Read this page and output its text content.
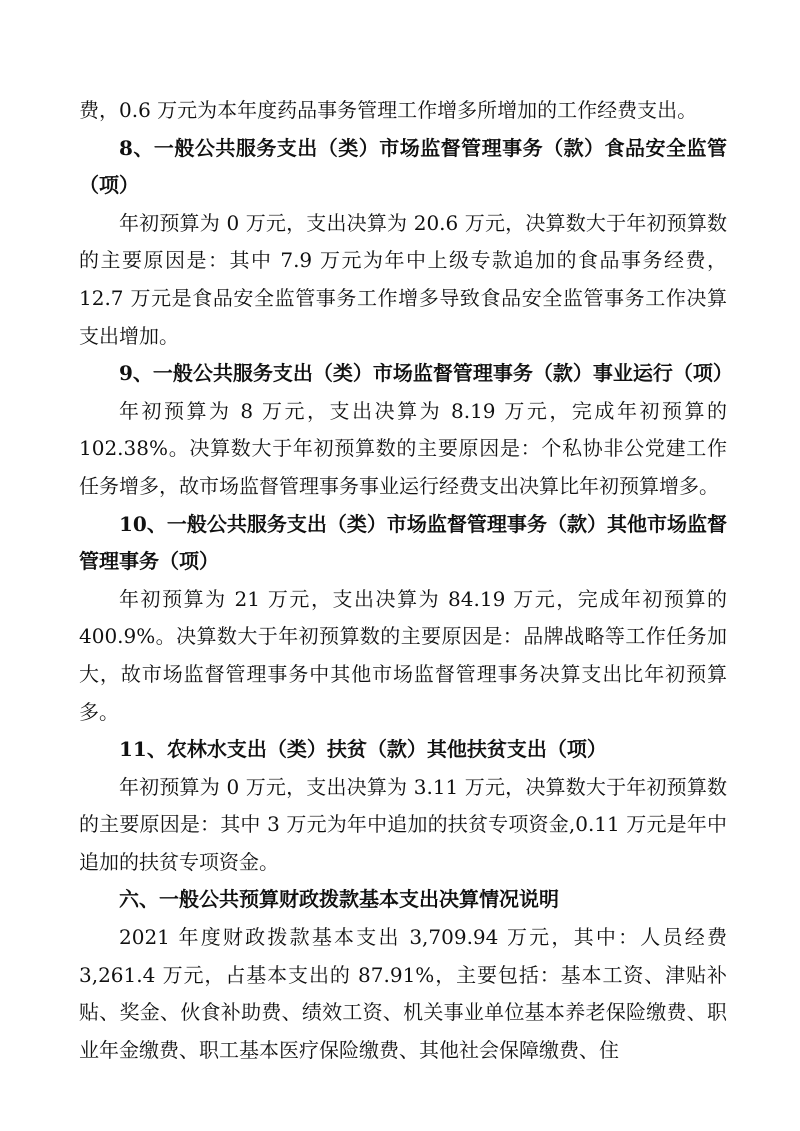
费，0.6 万元为本年度药品事务管理工作增多所增加的工作经费支出。

8、一般公共服务支出（类）市场监督管理事务（款）食品安全监管（项）

年初预算为 0 万元，支出决算为 20.6 万元，决算数大于年初预算数的主要原因是：其中 7.9 万元为年中上级专款追加的食品事务经费，12.7 万元是食品安全监管事务工作增多导致食品安全监管事务工作决算支出增加。

9、一般公共服务支出（类）市场监督管理事务（款）事业运行（项）

年初预算为 8 万元，支出决算为 8.19 万元，完成年初预算的102.38%。决算数大于年初预算数的主要原因是：个私协非公党建工作任务增多，故市场监督管理事务事业运行经费支出决算比年初预算增多。

10、一般公共服务支出（类）市场监督管理事务（款）其他市场监督管理事务（项）

年初预算为 21 万元，支出决算为 84.19 万元，完成年初预算的400.9%。决算数大于年初预算数的主要原因是：品牌战略等工作任务加大，故市场监督管理事务中其他市场监督管理事务决算支出比年初预算多。

11、农林水支出（类）扶贫（款）其他扶贫支出（项）

年初预算为 0 万元，支出决算为 3.11 万元，决算数大于年初预算数的主要原因是：其中 3 万元为年中追加的扶贫专项资金,0.11 万元是年中追加的扶贫专项资金。

六、一般公共预算财政拨款基本支出决算情况说明

2021 年度财政拨款基本支出 3,709.94 万元，其中：人员经费3,261.4 万元，占基本支出的 87.91%，主要包括：基本工资、津贴补贴、奖金、伙食补助费、绩效工资、机关事业单位基本养老保险缴费、职业年金缴费、职工基本医疗保险缴费、其他社会保障缴费、住
